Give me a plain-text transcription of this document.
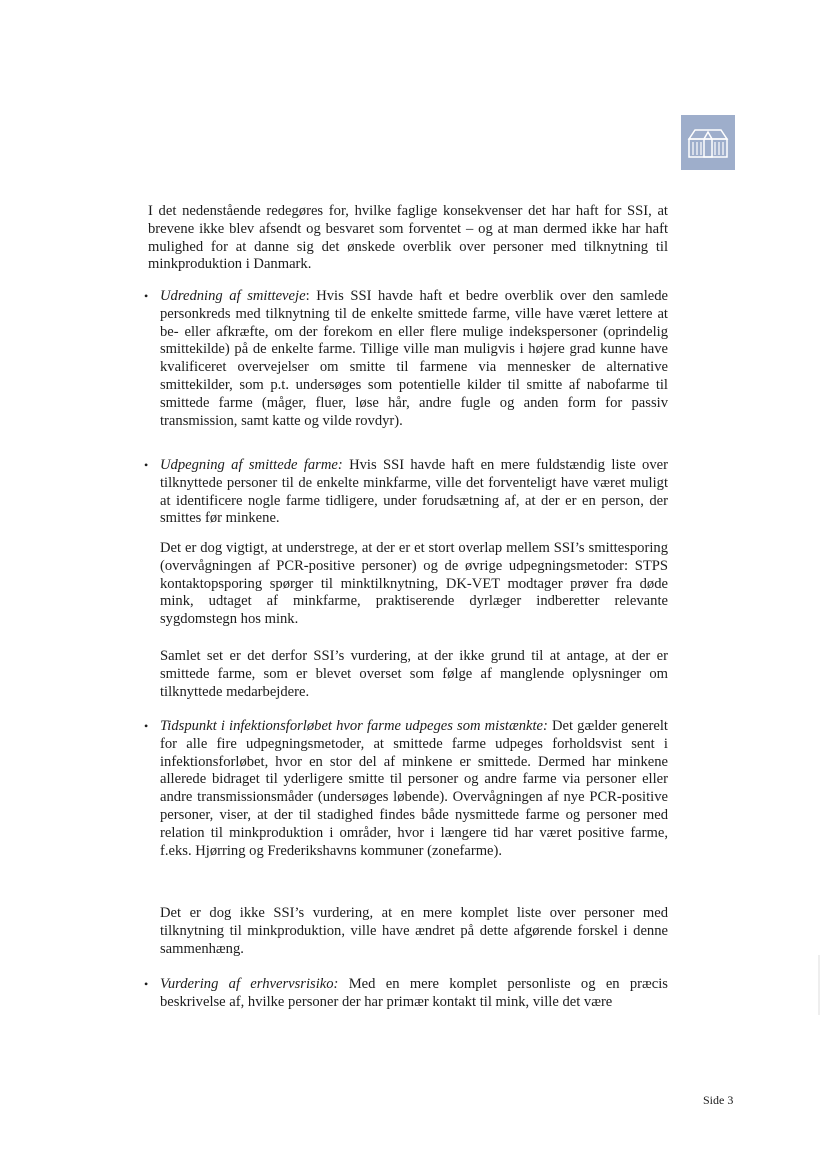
I det nedenstående redegøres for, hvilke faglige konsekvenser det har haft for SSI, at brevene ikke blev afsendt og besvaret som forventet – og at man dermed ikke har haft mulighed for at danne sig det ønskede overblik over personer med tilknytning til minkproduktion i Danmark.

• Udredning af smitteveje: Hvis SSI havde haft et bedre overblik over den samlede personkreds med tilknytning til de enkelte smittede farme, ville have været lettere at be- eller afkræfte, om der forekom en eller flere mulige indekspersoner (oprindelig smittekilde) på de enkelte farme. Tillige ville man muligvis i højere grad kunne have kvalificeret overvejelser om smitte til farmene via mennesker de alternative smittekilder, som p.t. undersøges som potentielle kilder til smitte af nabofarme til smittede farme (måger, fluer, løse hår, andre fugle og anden form for passiv transmission, samt katte og vilde rovdyr).

• Udpegning af smittede farme: Hvis SSI havde haft en mere fuldstændig liste over tilknyttede personer til de enkelte minkfarme, ville det forventeligt have været muligt at identificere nogle farme tidligere, under forudsætning af, at der er en person, der smittes før minkene.

Det er dog vigtigt, at understrege, at der er et stort overlap mellem SSI’s smittesporing (overvågningen af PCR-positive personer) og de øvrige udpegningsmetoder: STPS kontaktopsporing spørger til minktilknytning, DK-VET modtager prøver fra døde mink, udtaget af minkfarme, praktiserende dyrlæger indberetter relevante sygdomstegn hos mink.

Samlet set er det derfor SSI’s vurdering, at der ikke grund til at antage, at der er smittede farme, som er blevet overset som følge af manglende oplysninger om tilknyttede medarbejdere.

• Tidspunkt i infektionsforløbet hvor farme udpeges som mistænkte: Det gælder generelt for alle fire udpegningsmetoder, at smittede farme udpeges forholdsvist sent i infektionsforløbet, hvor en stor del af minkene er smittede. Dermed har minkene allerede bidraget til yderligere smitte til personer og andre farme via personer eller andre transmissionsmåder (undersøges løbende). Overvågningen af nye PCR-positive personer, viser, at der til stadighed findes både nysmittede farme og personer med relation til minkproduktion i områder, hvor i længere tid har været positive farme, f.eks. Hjørring og Frederikshavns kommuner (zonefarme).

Det er dog ikke SSI’s vurdering, at en mere komplet liste over personer med tilknytning til minkproduktion, ville have ændret på dette afgørende forskel i denne sammenhæng.

• Vurdering af erhvervsrisiko: Med en mere komplet personliste og en præcis beskrivelse af, hvilke personer der har primær kontakt til mink, ville det være

Side 3
